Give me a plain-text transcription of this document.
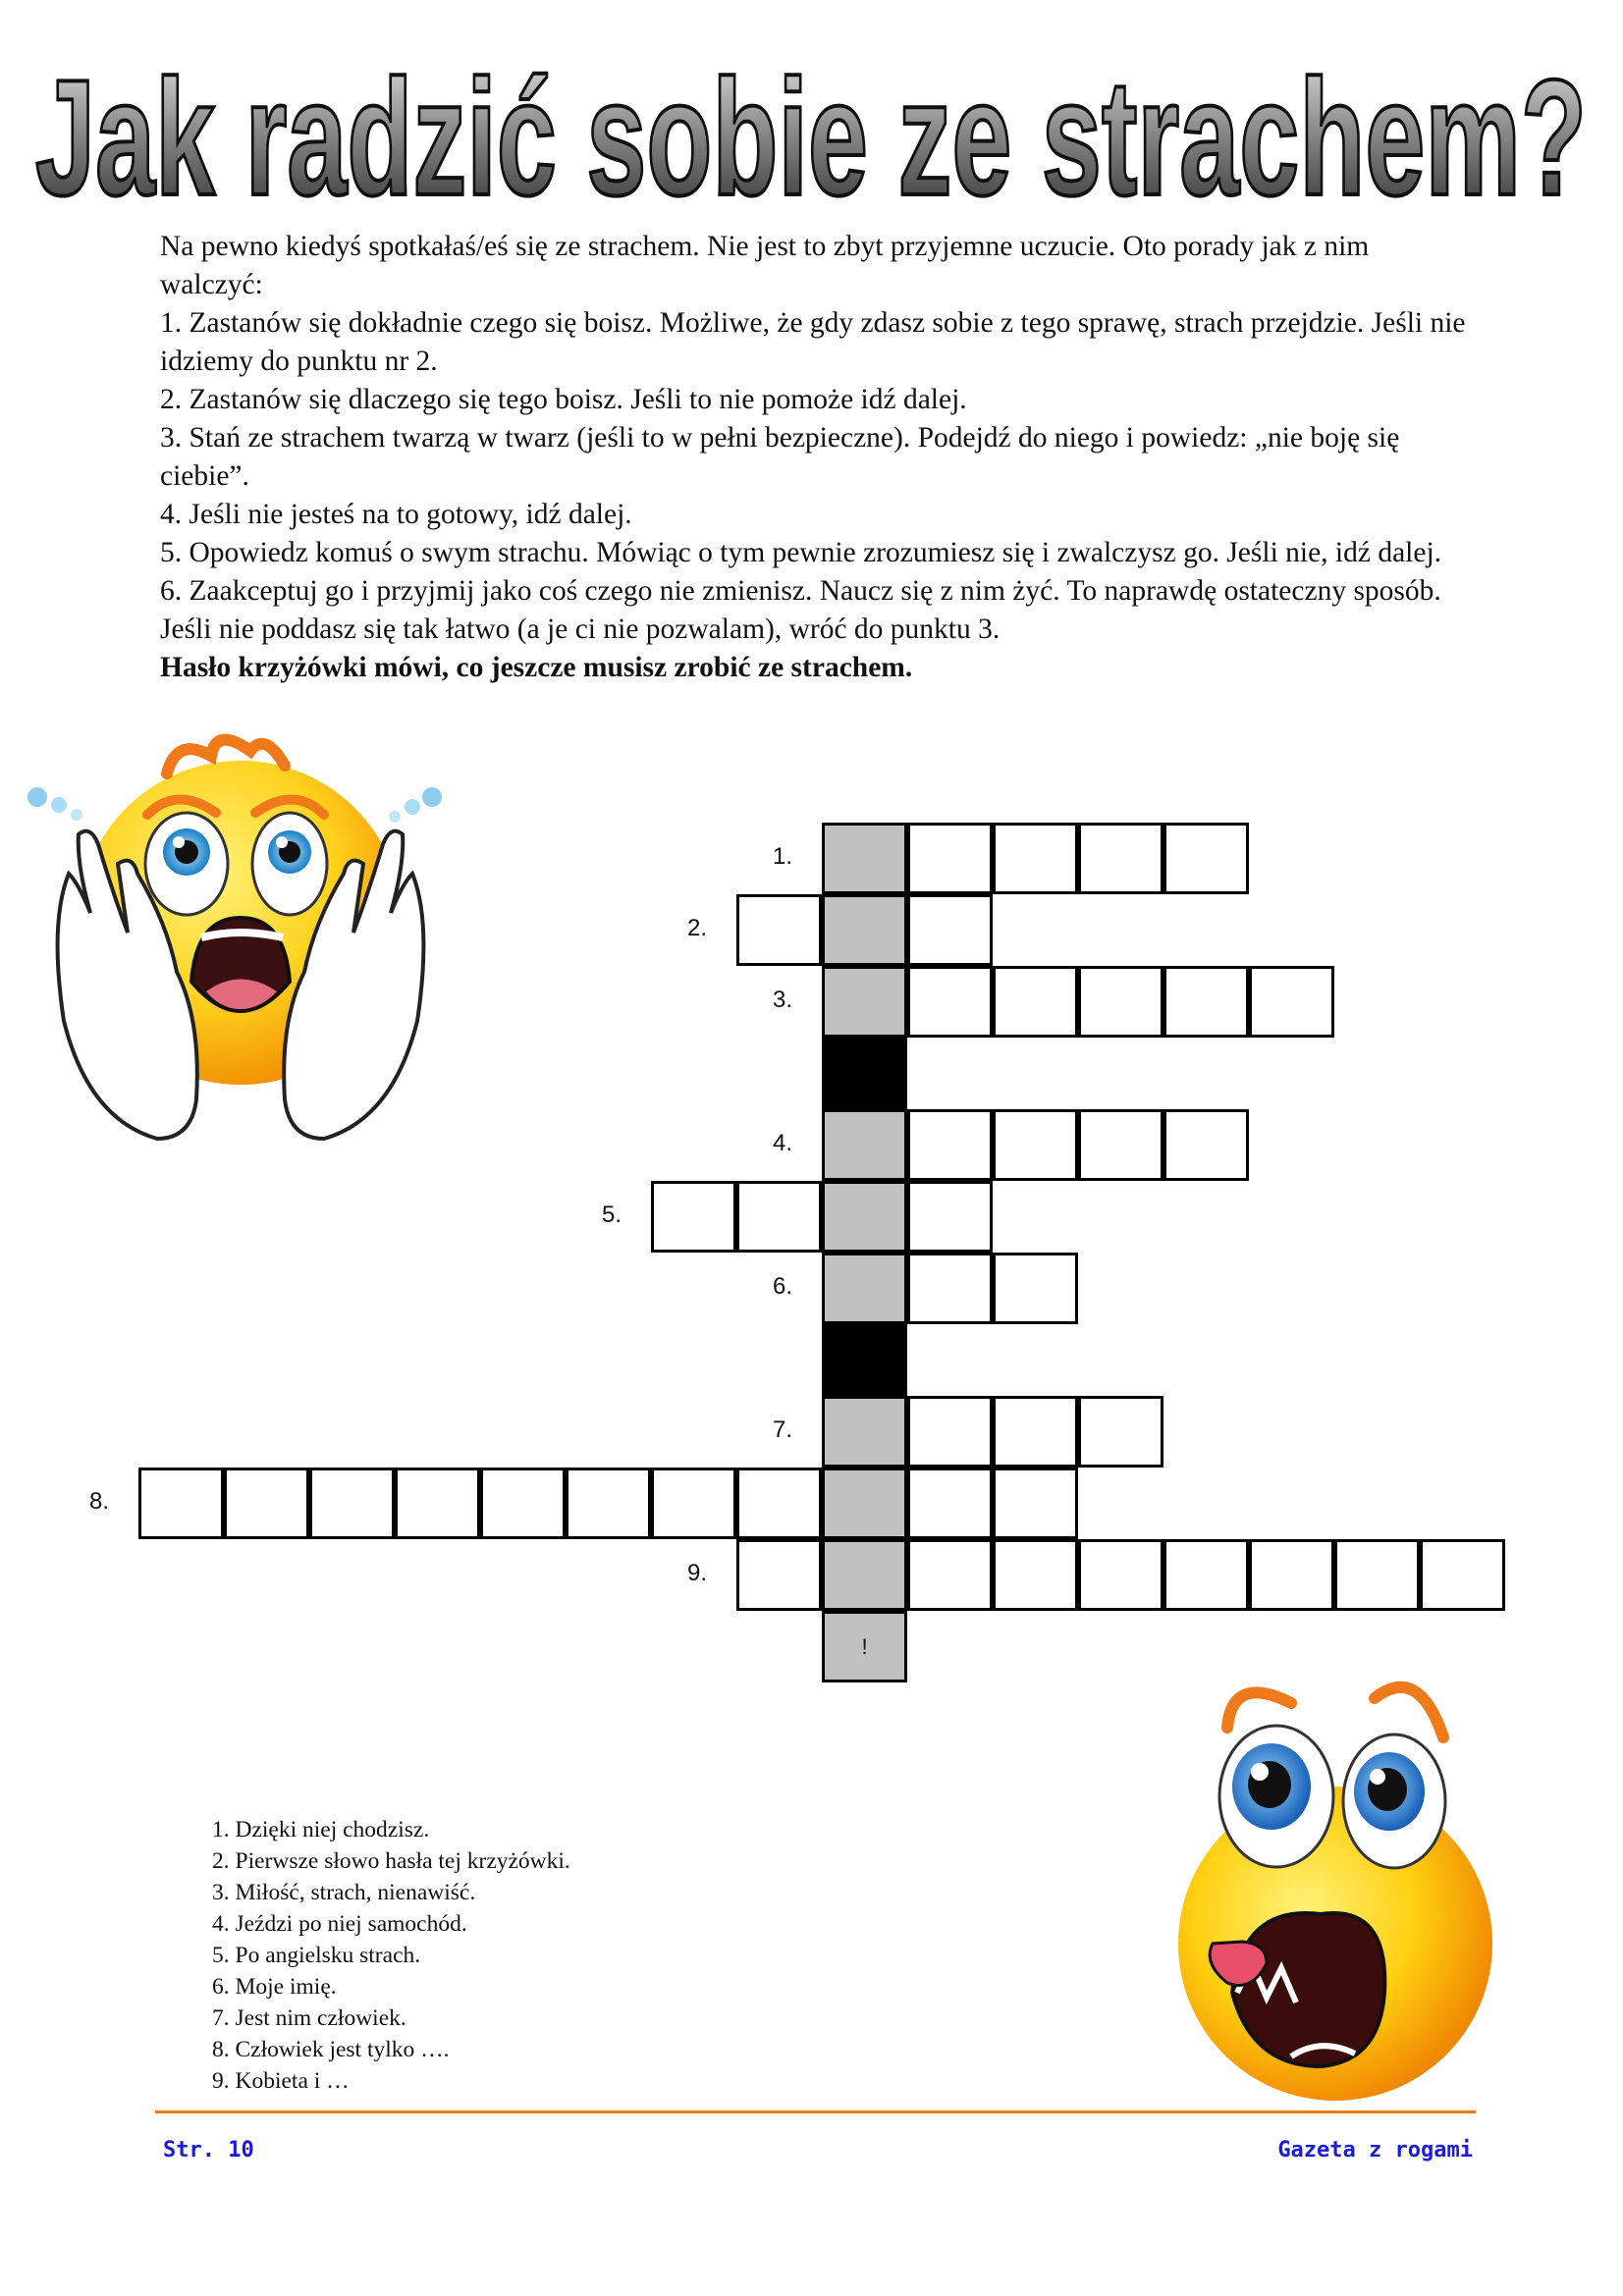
Jak radzić sobie ze strachem?

Na pewno kiedyś spotkałaś/eś się ze strachem. Nie jest to zbyt przyjemne uczucie. Oto porady jak z nim walczyć:

1. Zastanów się dokładnie czego się boisz. Możliwe, że gdy zdasz sobie z tego sprawę, strach przejdzie. Jeśli nie idziemy do punktu nr 2.

2. Zastanów się dlaczego się tego boisz. Jeśli to nie pomoże idź dalej.

3. Stań ze strachem twarzą w twarz (jeśli to w pełni bezpieczne). Podejdź do niego i powiedz: „nie boję się ciebie”.

4. Jeśli nie jesteś na to gotowy, idź dalej.

5. Opowiedz komuś o swym strachu. Mówiąc o tym pewnie zrozumiesz się i zwalczysz go. Jeśli nie, idź dalej.

6. Zaakceptuj go i przyjmij jako coś czego nie zmienisz. Naucz się z nim żyć. To naprawdę ostateczny sposób. Jeśli nie poddasz się tak łatwo (a je ci nie pozwalam), wróć do punktu 3.

Hasło krzyżówki mówi, co jeszcze musisz zrobić ze strachem.

1.
2.
3.
4.
5.
6.
7.
8.
9.
!
1. Dzięki niej chodzisz.
2. Pierwsze słowo hasła tej krzyżówki.
3. Miłość, strach, nienawiść.
4. Jeździ po niej samochód.
5. Po angielsku strach.
6. Moje imię.
7. Jest nim człowiek.
8. Człowiek jest tylko ….
9. Kobieta i …
Str. 10	Gazeta z rogami
